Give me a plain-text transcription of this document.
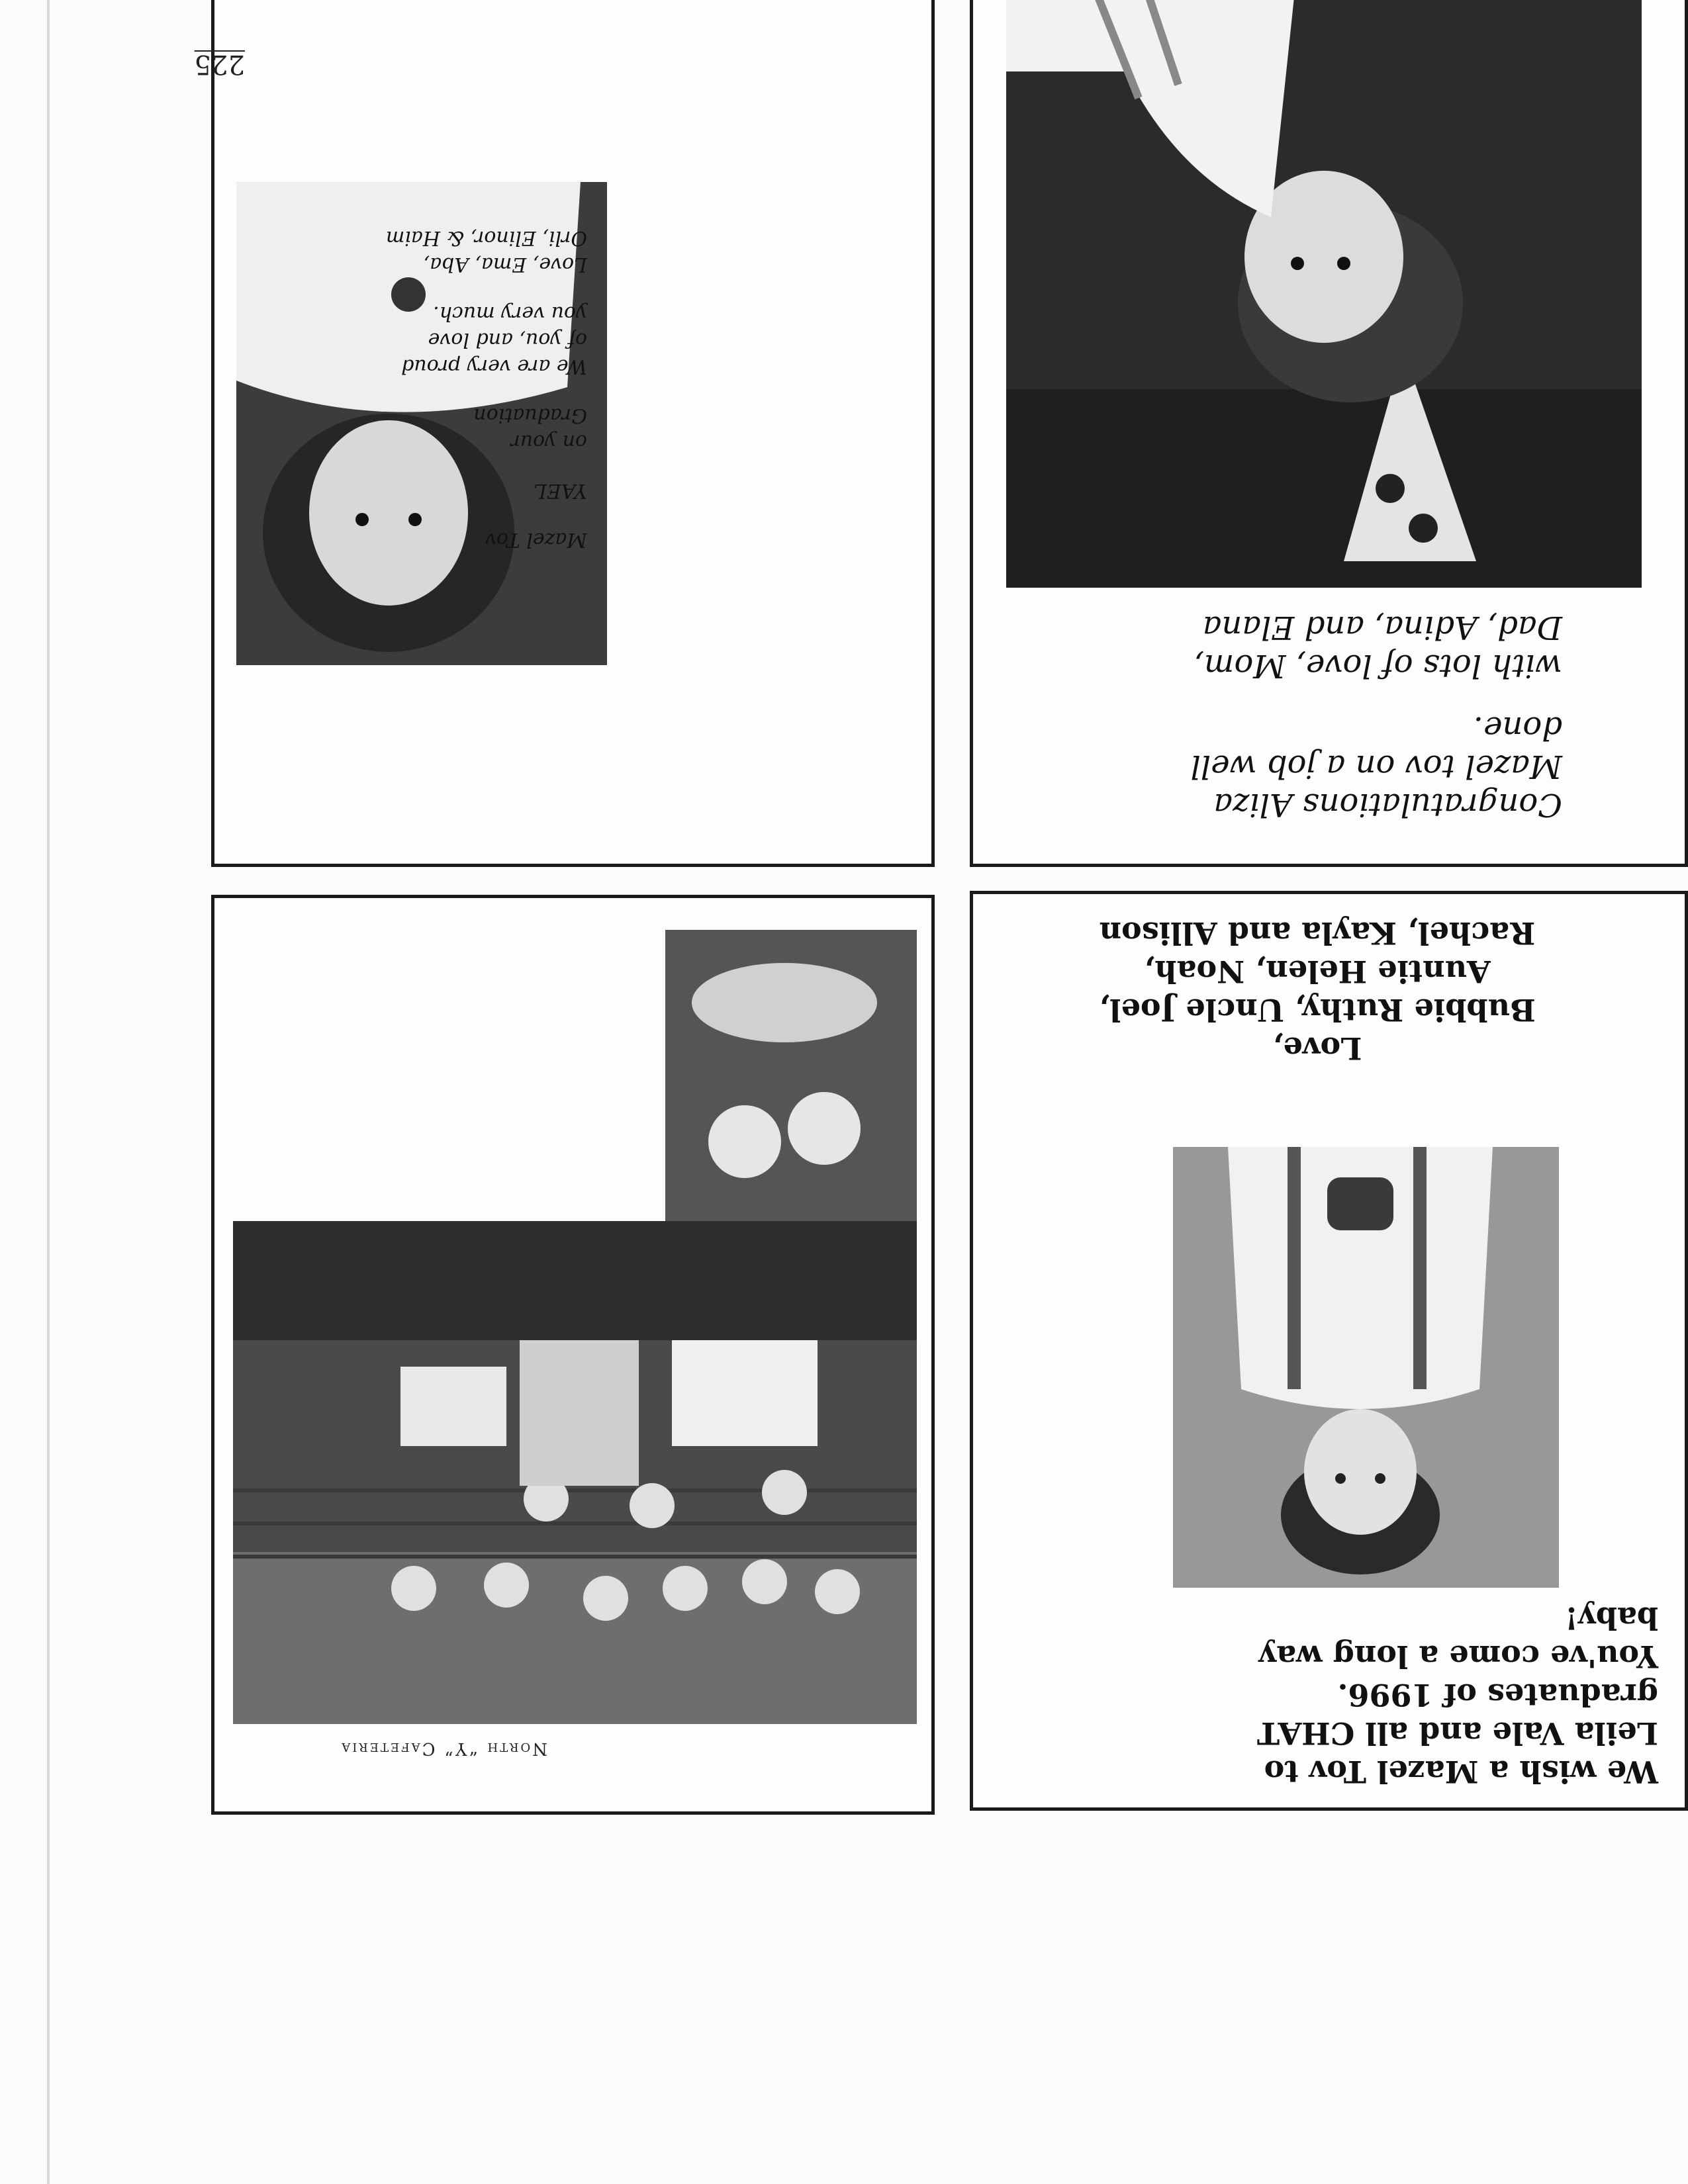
We wish a Mazel Tov to
Leila Vale and all CHAT
graduates of 1996.
You've come a long way
baby!
Love,
Bubbie Ruthy, Uncle Joel,
Auntie Helen, Noah,
Rachel, Kayla and Allison
North “Y” Cafeteria

Congratulations Aliza
Mazel tov on a job well
done.

with lots of love, Mom,
Dad, Adina, and Elana

Mazel Tov
YAEL
on your
Graduation
We are very proud
of you, and love
you very much.
Love, Ema, Aba,
Orli, Elinor, & Haim
225
